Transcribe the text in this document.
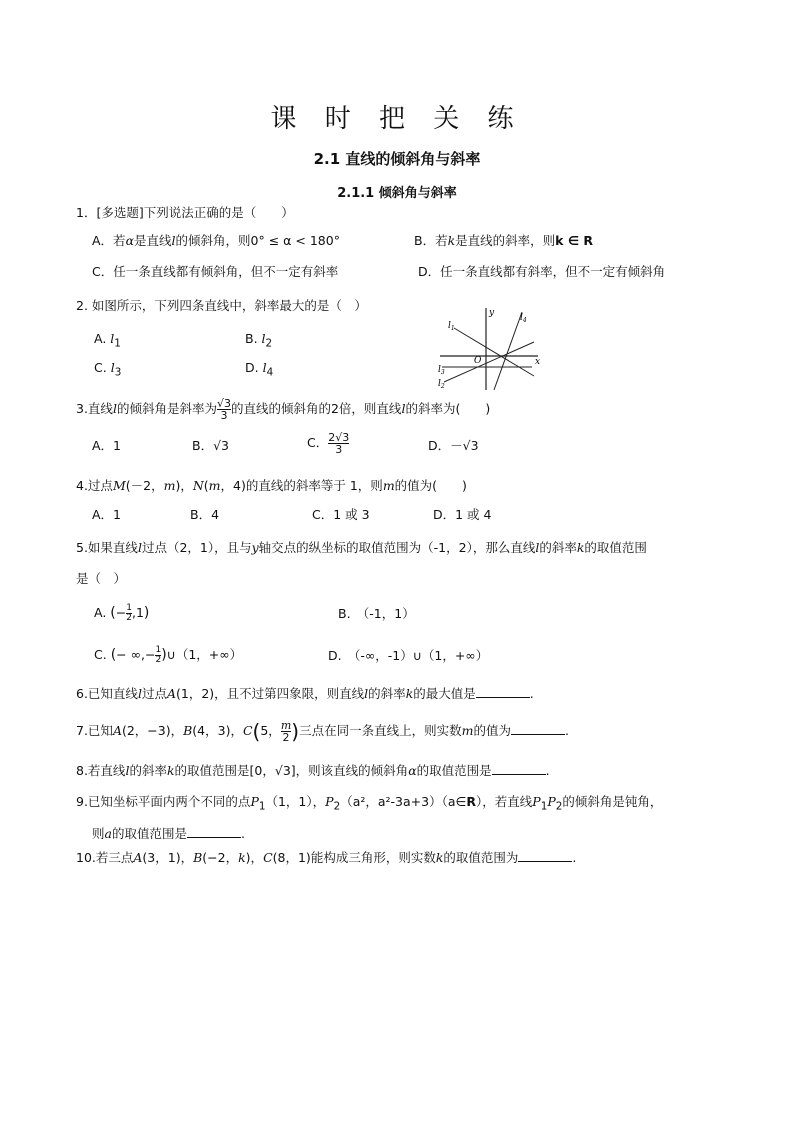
课 时 把 关 练
2.1 直线的倾斜角与斜率
2.1.1 倾斜角与斜率
1．[多选题]下列说法正确的是（　　）
A．若α是直线l的倾斜角，则0° ≤ α < 180°	B．若k是直线的斜率，则k ∈ R
C．任一条直线都有倾斜角，但不一定有斜率	D．任一条直线都有斜率，但不一定有倾斜角
2. 如图所示，下列四条直线中，斜率最大的是（　）
A. $l_1$	B. $l_2$
C. $l_3$	D. $l_4$
y
x
O
$l_1$
$l_2$
$l_3$
$l_4$
3.直线l的倾斜角是斜率为 $\frac{√3}{3}$ 的直线的倾斜角的2倍，则直线l的斜率为(　　)
A．1	B．√3	C． $\frac{2√3}{3}$	D．－√3
4.过点M(－2，m)，N(m，4)的直线的斜率等于 1，则m的值为(　　)
A．1	B．4	C．1 或 3	D．1 或 4
5.如果直线l过点（2，1），且与y轴交点的纵坐标的取值范围为（-1，2），那么直线l的斜率k的取值范围
是（　）
A. (− $\frac{1}{2} ,1$)	B.　（-1，1）
C. (− ∞,− $\frac{1}{2}$ )∪（1，+∞）	D.　（-∞，-1）∪（1，+∞）
6.已知直线l过点A(1，2)，且不过第四象限，则直线l的斜率k的最大值是	.
7.已知A(2，−3)，B(4，3)，C(5， $\frac{m}{2}$ )三点在同一条直线上，则实数m的值为	.
8.若直线l的斜率k的取值范围是[0，√3]，则该直线的倾斜角α的取值范围是	.
9.已知坐标平面内两个不同的点$P_1(1$，1），$P_2(a^2$，a²-3a+3）（a∈R），若直线$P_1P_2$的倾斜角是钝角，
则a的取值范围是	.
10.若三点A(3，1)，B(−2，k)，C(8，1)能构成三角形，则实数k的取值范围为	.
